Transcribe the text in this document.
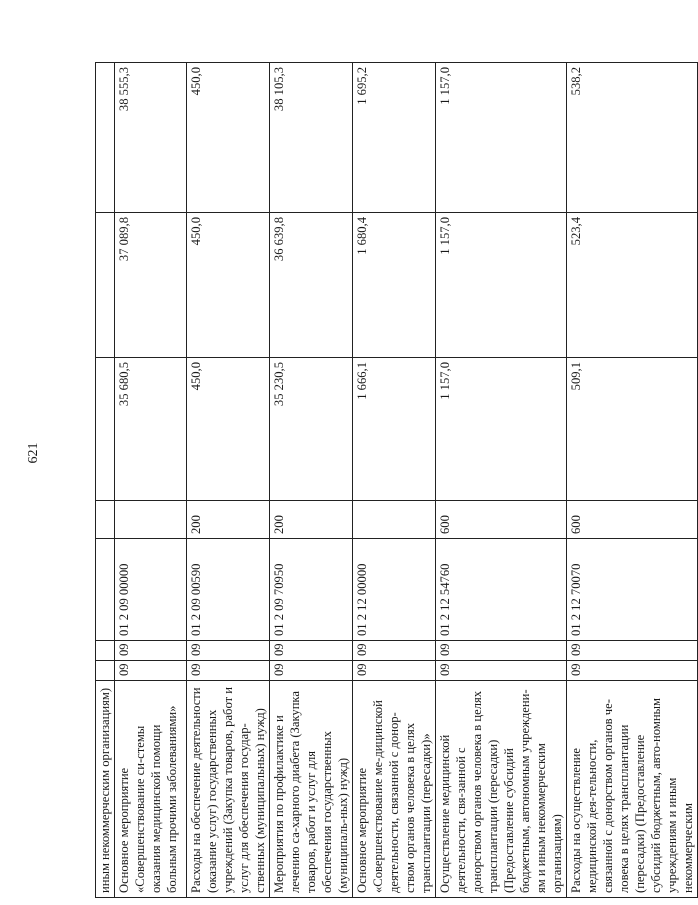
621
иным некоммерческим организациям)							
Основное мероприятие «Совершенствование си-стемы оказания медицинской помощи больным прочими заболеваниями»	09	09	01 2 09 00000		35 680,5	37 089,8	38 555,3
Расходы на обеспечение деятельности (оказание услуг) государственных учреждений (Закупка товаров, работ и услуг для обеспечения государ-ственных (муниципальных) нужд)	09	09	01 2 09 00590	200	450,0	450,0	450,0
Мероприятия по профилактике и лечению са-харного диабета (Закупка товаров, работ и услуг для обеспечения государственных (муниципаль-ных) нужд)	09	09	01 2 09 70950	200	35 230,5	36 639,8	38 105,3
Основное мероприятие «Совершенствование ме-дицинской деятельности, связанной с донор-ством органов человека в целях трансплантации (пересадки)»	09	09	01 2 12 00000		1 666,1	1 680,4	1 695,2
Осуществление медицинской деятельности, свя-занной с донорством органов человека в целях трансплантации (пересадки) (Предоставление субсидий бюджетным, автономным учреждени-ям и иным некоммерческим организациям)	09	09	01 2 12 54760	600	1 157,0	1 157,0	1 157,0
Расходы на осуществление медицинской дея-тельности, связанной с донорством органов че-ловека в целях трансплантации (пересадки) (Предоставление субсидий бюджетным, авто-номным учреждениям и иным некоммерческим	09	09	01 2 12 70070	600	509,1	523,4	538,2
